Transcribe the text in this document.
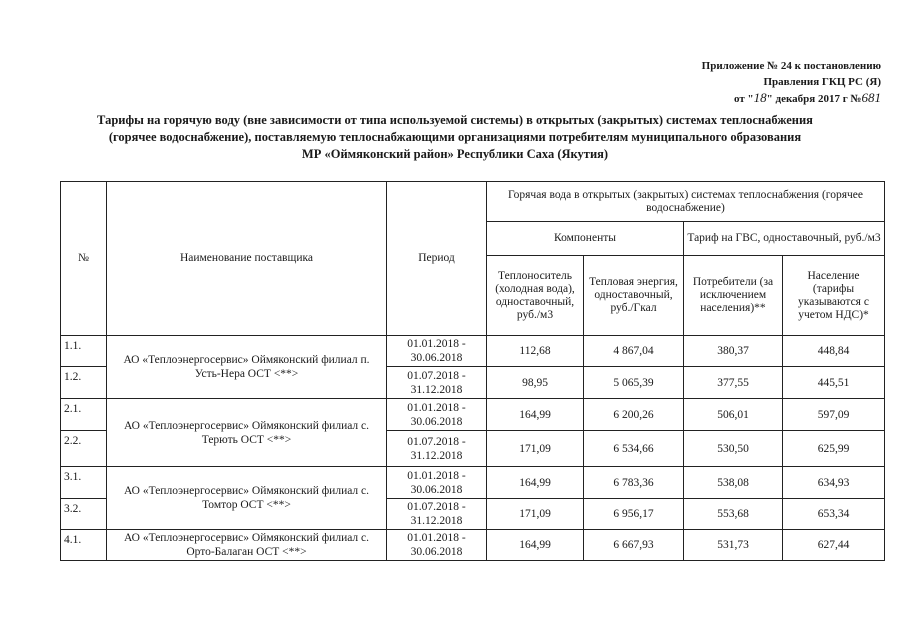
Приложение № 24 к постановлению
Правления ГКЦ РС (Я)
от "18" декабря 2017 г №681
Тарифы на горячую воду (вне зависимости от типа используемой системы) в открытых (закрытых) системах теплоснабжения
(горячее водоснабжение), поставляемую теплоснабжающими организациями потребителям муниципального образования
МР «Оймяконский район» Республики Саха (Якутия)
№	Наименование поставщика	Период	Горячая вода в открытых (закрытых) системах теплоснабжения (горячее водоснабжение)			
			Компоненты		Тариф на ГВС, одноставочный, руб./м3	
			Теплоноситель (холодная вода), одноставочный, руб./м3	Тепловая энергия, одноставочный, руб./Гкал	Потребители (за исключением населения)**	Население (тарифы указываются с учетом НДС)*
1.1.	АО «Теплоэнергосервис» Оймяконский филиал п. Усть-Нера ОСТ <**>	01.01.2018 - 30.06.2018	112,68	4 867,04	380,37	448,84
1.2.		01.07.2018 - 31.12.2018	98,95	5 065,39	377,55	445,51
2.1.	АО «Теплоэнергосервис» Оймяконский филиал с. Терють ОСТ <**>	01.01.2018 - 30.06.2018	164,99	6 200,26	506,01	597,09
2.2.		01.07.2018 - 31.12.2018	171,09	6 534,66	530,50	625,99
3.1.	АО «Теплоэнергосервис» Оймяконский филиал с. Томтор ОСТ <**>	01.01.2018 - 30.06.2018	164,99	6 783,36	538,08	634,93
3.2.		01.07.2018 - 31.12.2018	171,09	6 956,17	553,68	653,34
4.1.	АО «Теплоэнергосервис» Оймяконский филиал с. Орто-Балаган ОСТ <**>	01.01.2018 - 30.06.2018	164,99	6 667,93	531,73	627,44
